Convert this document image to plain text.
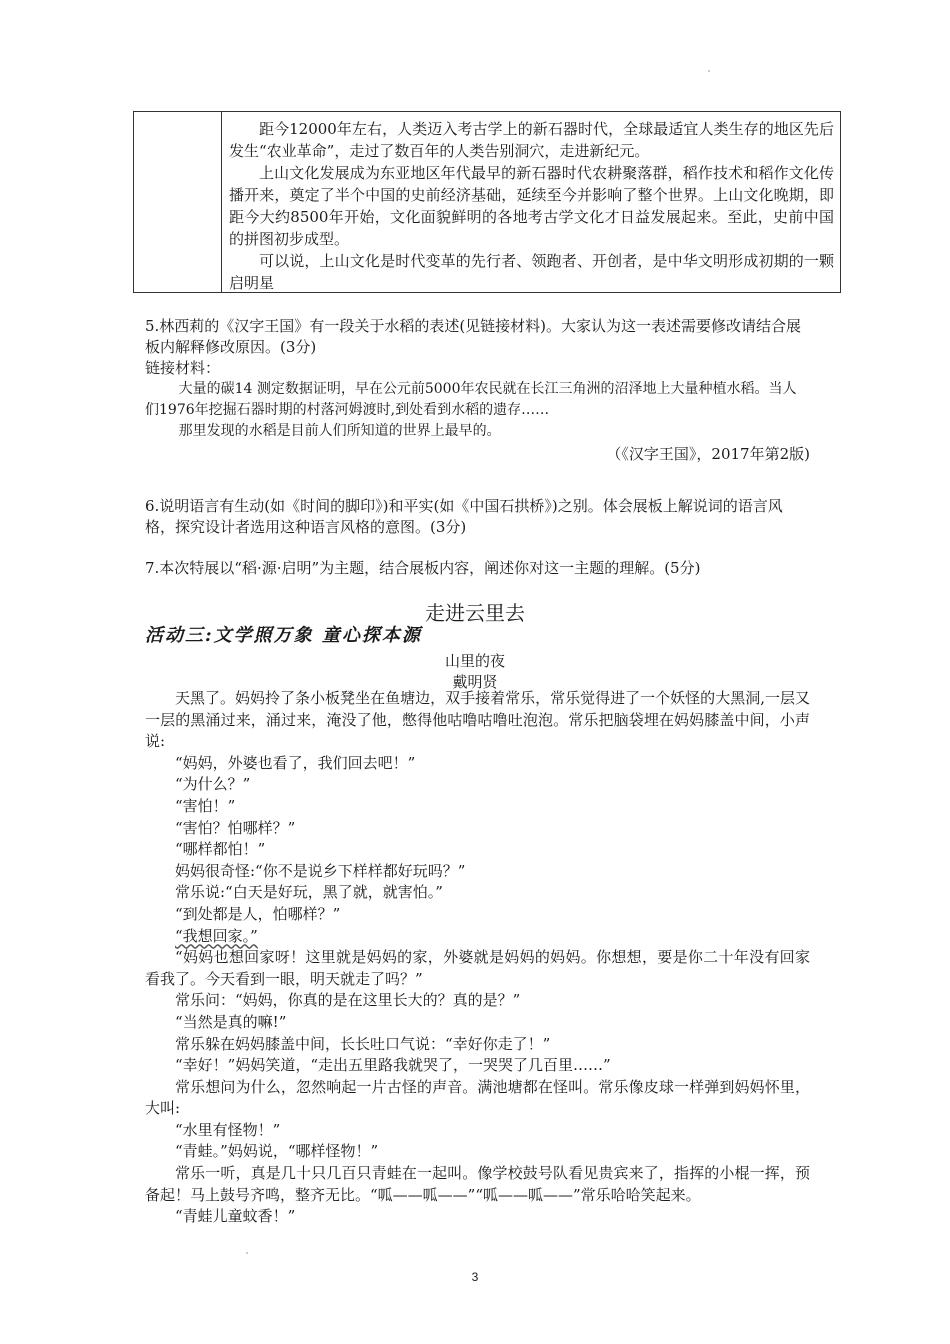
距今12000年左右，人类迈入考古学上的新石器时代，全球最适宜人类生存的地区先后发生“农业革命”，走过了数百年的人类告别洞穴，走进新纪元。

上山文化发展成为东亚地区年代最早的新石器时代农耕聚落群，稻作技术和稻作文化传播开来，奠定了半个中国的史前经济基础，延续至今并影响了整个世界。上山文化晚期，即距今大约8500年开始，文化面貌鲜明的各地考古学文化才日益发展起来。至此，史前中国的拼图初步成型。

可以说，上山文化是时代变革的先行者、领跑者、开创者，是中华文明形成初期的一颗启明星

5.林西莉的《汉字王国》有一段关于水稻的表述(见链接材料)。大家认为这一表述需要修改请结合展板内解释修改原因。(3分)

链接材料：

大量的碳14 测定数据证明，早在公元前5000年农民就在长江三角洲的沼泽地上大量种植水稻。当人们1976年挖掘石器时期的村落河姆渡时,到处看到水稻的遗存……

那里发现的水稻是目前人们所知道的世界上最早的。

（《汉字王国》，2017年第2版)

6.说明语言有生动(如《时间的脚印》)和平实(如《中国石拱桥》)之别。体会展板上解说词的语言风格，探究设计者选用这种语言风格的意图。(3分)

7.本次特展以“稻·源·启明”为主题，结合展板内容，阐述你对这一主题的理解。(5分)

走进云里去
活动三:文学照万象 童心探本源
山里的夜
戴明贤

天黑了。妈妈拎了条小板凳坐在鱼塘边，双手接着常乐，常乐觉得进了一个妖怪的大黑洞,一层又一层的黑涌过来，涌过来，淹没了他，憋得他咕噜咕噜吐泡泡。常乐把脑袋埋在妈妈膝盖中间，小声说:

“妈妈，外婆也看了，我们回去吧！”

“为什么？”

“害怕！”

“害怕？怕哪样？”

“哪样都怕！”

妈妈很奇怪:“你不是说乡下样样都好玩吗？”

常乐说:“白天是好玩，黑了就，就害怕。”

“到处都是人，怕哪样？”

“我想回家。”

“妈妈也想回家呀！这里就是妈妈的家，外婆就是妈妈的妈妈。你想想，要是你二十年没有回家看我了。今天看到一眼，明天就走了吗？”

常乐问：“妈妈，你真的是在这里长大的？真的是？”

“当然是真的嘛!”

常乐躲在妈妈膝盖中间，长长吐口气说：“幸好你走了！”

“幸好！”妈妈笑道，“走出五里路我就哭了，一哭哭了几百里……”

常乐想问为什么，忽然响起一片古怪的声音。满池塘都在怪叫。常乐像皮球一样弹到妈妈怀里，大叫:

“水里有怪物！”

“青蛙。”妈妈说，“哪样怪物！”

常乐一听，真是几十只几百只青蛙在一起叫。像学校鼓号队看见贵宾来了，指挥的小棍一挥，预备起！马上鼓号齐鸣，整齐无比。“呱——呱——”“呱——呱——”常乐哈哈笑起来。

“青蛙儿童蚊香！”

3
